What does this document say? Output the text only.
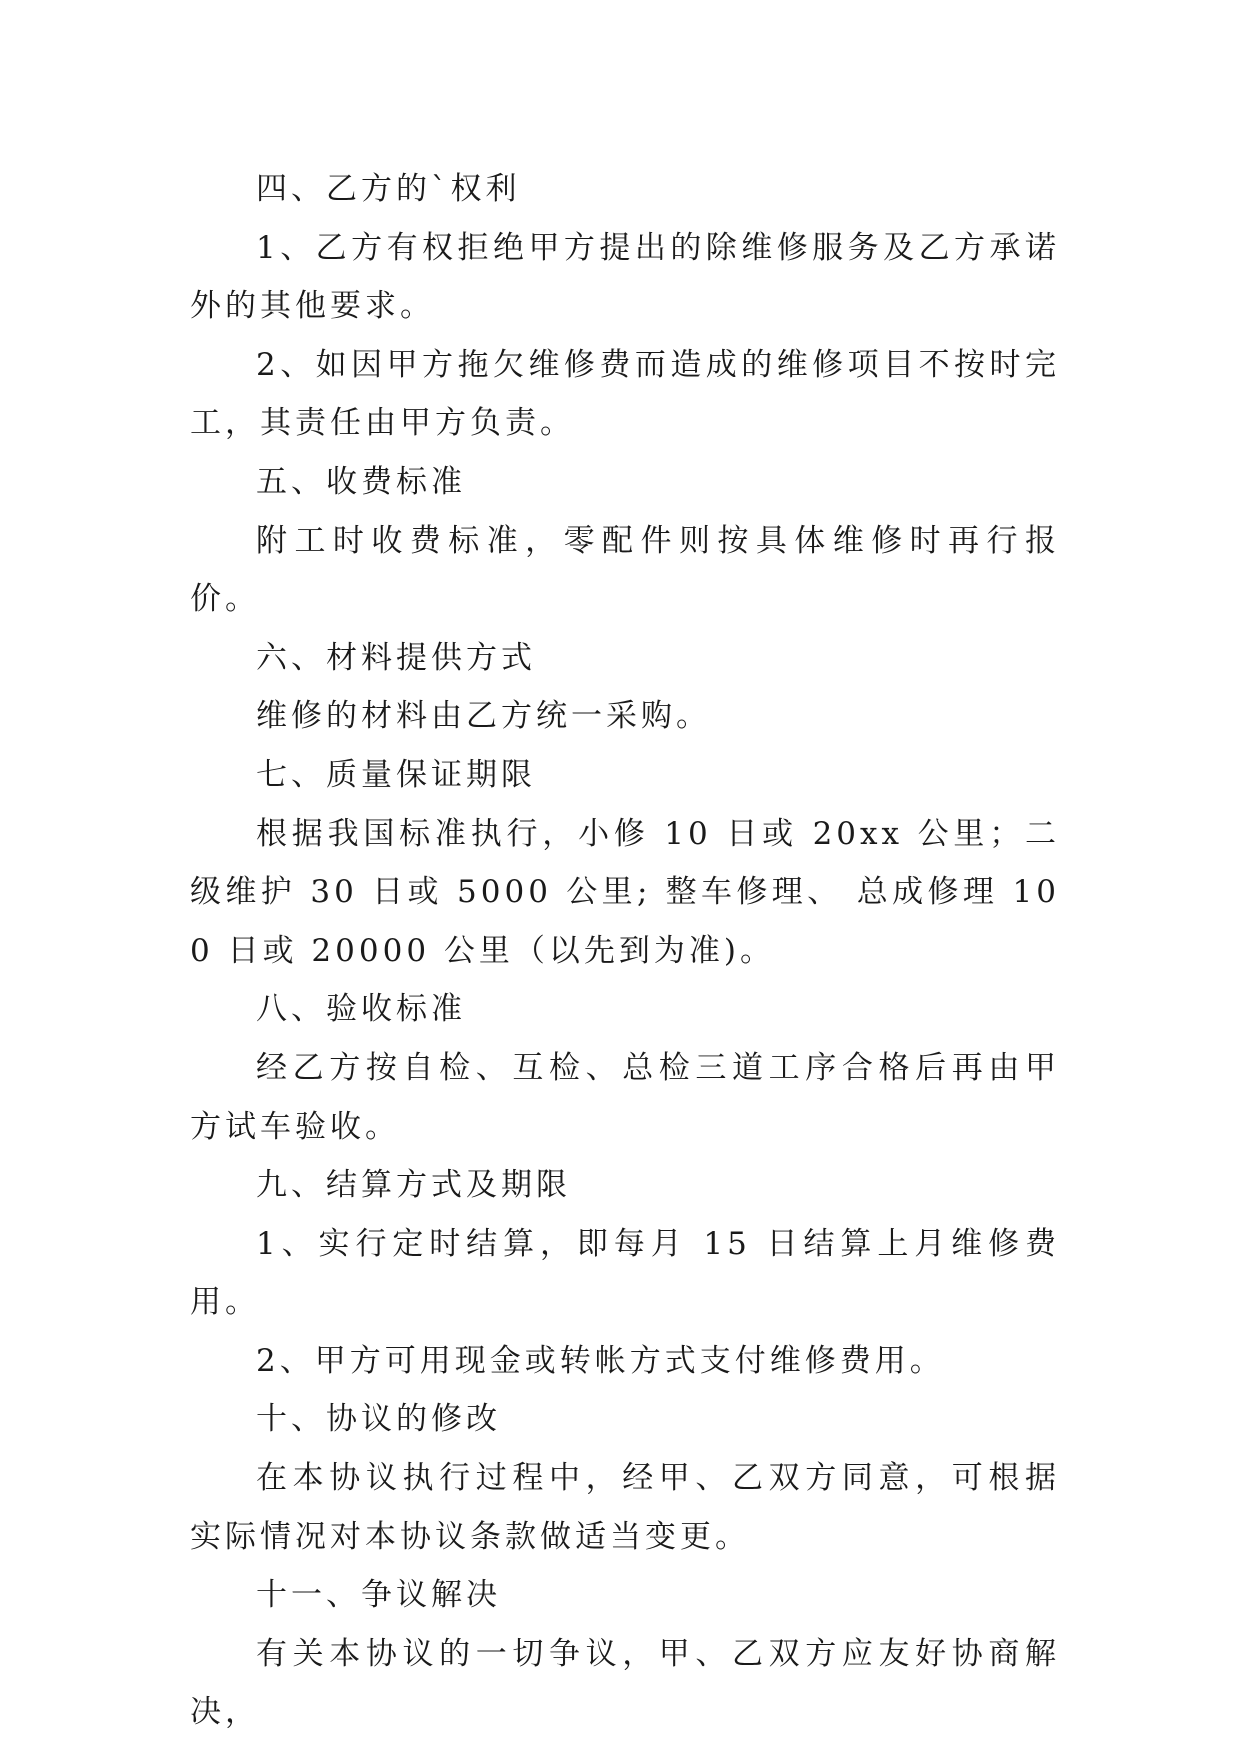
四、乙方的`权利

1、乙方有权拒绝甲方提出的除维修服务及乙方承诺外的其他要求。

2、如因甲方拖欠维修费而造成的维修项目不按时完工，其责任由甲方负责。

五、收费标准

附工时收费标准，零配件则按具体维修时再行报价。

六、材料提供方式

维修的材料由乙方统一采购。

七、质量保证期限

根据我国标准执行，小修 10 日或 20xx 公里；二级维护 30 日或 5000 公里; 整车修理、 总成修理 100 日或 20000 公里（以先到为准)。

八、验收标准

经乙方按自检、互检、总检三道工序合格后再由甲方试车验收。

九、结算方式及期限

1、实行定时结算，即每月 15 日结算上月维修费用。

2、甲方可用现金或转帐方式支付维修费用。

十、协议的修改

在本协议执行过程中，经甲、乙双方同意，可根据实际情况对本协议条款做适当变更。

十一、争议解决

有关本协议的一切争议，甲、乙双方应友好协商解决，
